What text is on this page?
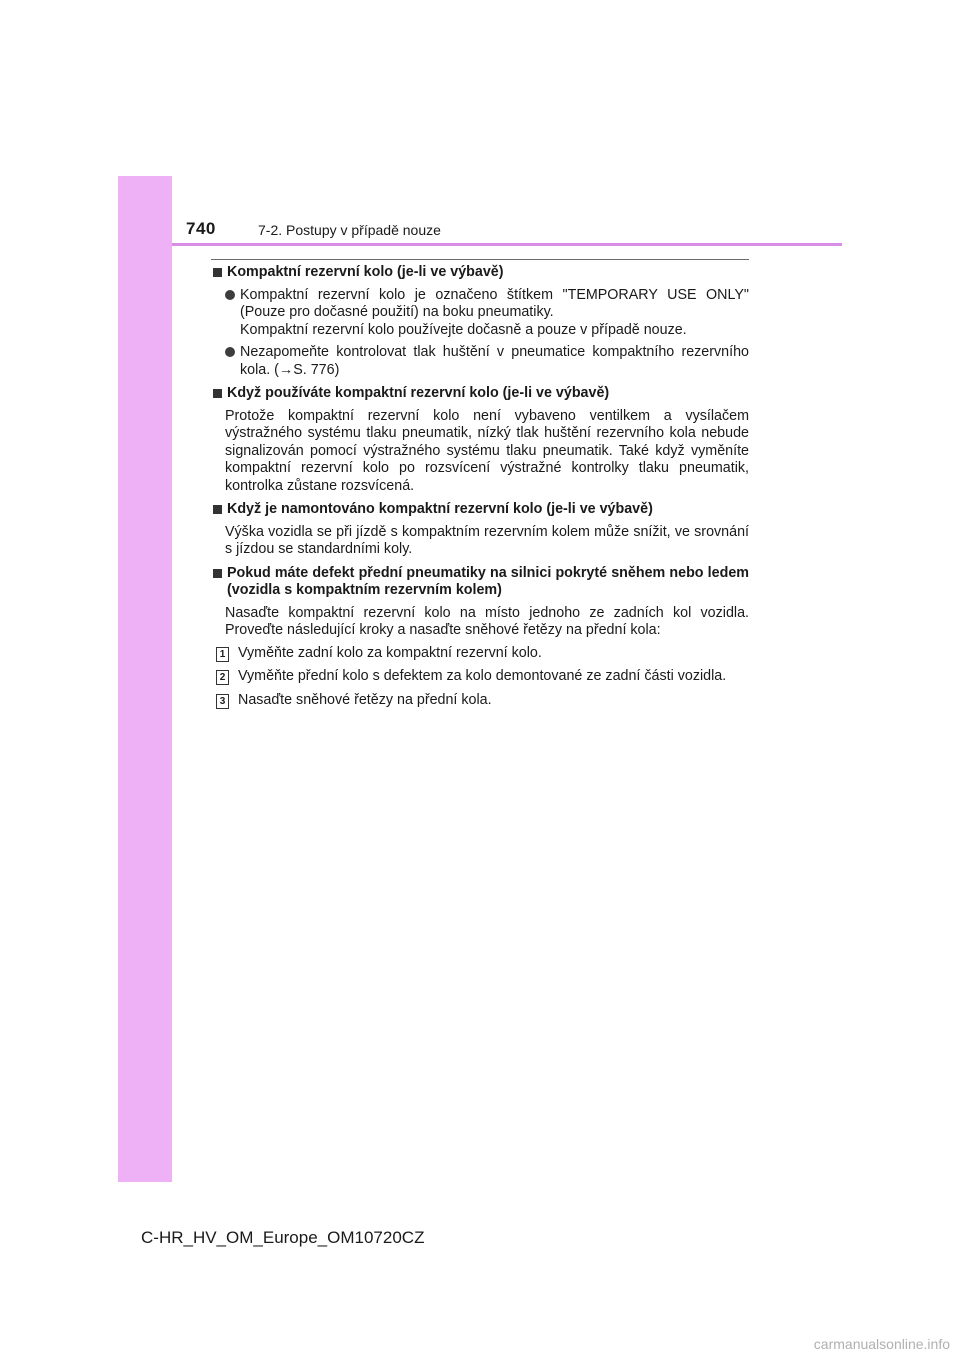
740	7-2. Postupy v případě nouze
Kompaktní rezervní kolo (je-li ve výbavě)
Kompaktní rezervní kolo je označeno štítkem "TEMPORARY USE ONLY" (Pouze pro dočasné použití) na boku pneumatiky.
Kompaktní rezervní kolo používejte dočasně a pouze v případě nouze.
Nezapomeňte kontrolovat tlak huštění v pneumatice kompaktního rezervního kola. (→S. 776)
Když používáte kompaktní rezervní kolo (je-li ve výbavě)
Protože kompaktní rezervní kolo není vybaveno ventilkem a vysílačem výstražného systému tlaku pneumatik, nízký tlak huštění rezervního kola nebude signalizován pomocí výstražného systému tlaku pneumatik. Také když vyměníte kompaktní rezervní kolo po rozsvícení výstražné kontrolky tlaku pneumatik, kontrolka zůstane rozsvícená.
Když je namontováno kompaktní rezervní kolo (je-li ve výbavě)
Výška vozidla se při jízdě s kompaktním rezervním kolem může snížit, ve srovnání s jízdou se standardními koly.
Pokud máte defekt přední pneumatiky na silnici pokryté sněhem nebo ledem (vozidla s kompaktním rezervním kolem)
Nasaďte kompaktní rezervní kolo na místo jednoho ze zadních kol vozidla. Proveďte následující kroky a nasaďte sněhové řetězy na přední kola:
1 Vyměňte zadní kolo za kompaktní rezervní kolo.
2 Vyměňte přední kolo s defektem za kolo demontované ze zadní části vozidla.
3 Nasaďte sněhové řetězy na přední kola.
C-HR_HV_OM_Europe_OM10720CZ
carmanualsonline.info
